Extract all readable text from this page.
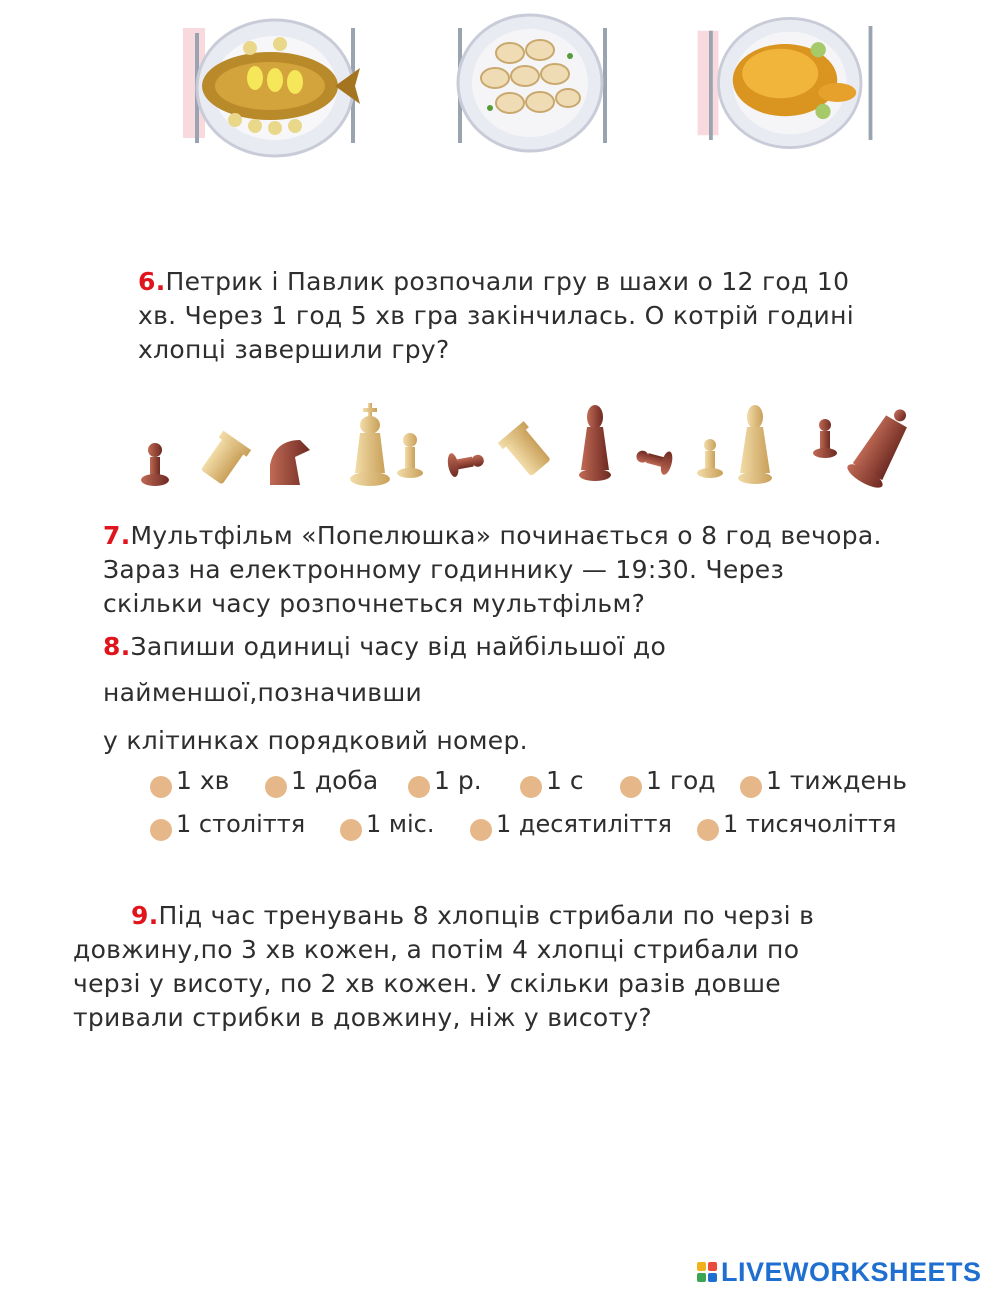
6.Петрик і Павлик розпочали гру в шахи о 12 год 10
хв. Через 1 год 5 хв гра закінчилась. О котрій годині
хлопці завершили гру?
7.Мультфільм «Попелюшка» починається о 8 год вечора.
Зараз на електронному годиннику — 19:30. Через
скільки часу розпочнеться мультфільм?
8.Запиши одиниці часу від найбільшої до
найменшої,позначивши
у клітинках порядковий номер.
1 хв 1 доба 1 р.	1 с 1 год 1 тиждень
1 століття	1 міс.	1 десятиліття 1 тисячоліття
9.Під час тренувань 8 хлопців стрибали по черзі в
довжину,по 3 хв кожен, а потім 4 хлопці стрибали по
черзі у висоту, по 2 хв кожен. У скільки разів довше
тривали стрибки в довжину, ніж у висоту?
LIVEWORKSHEETS
